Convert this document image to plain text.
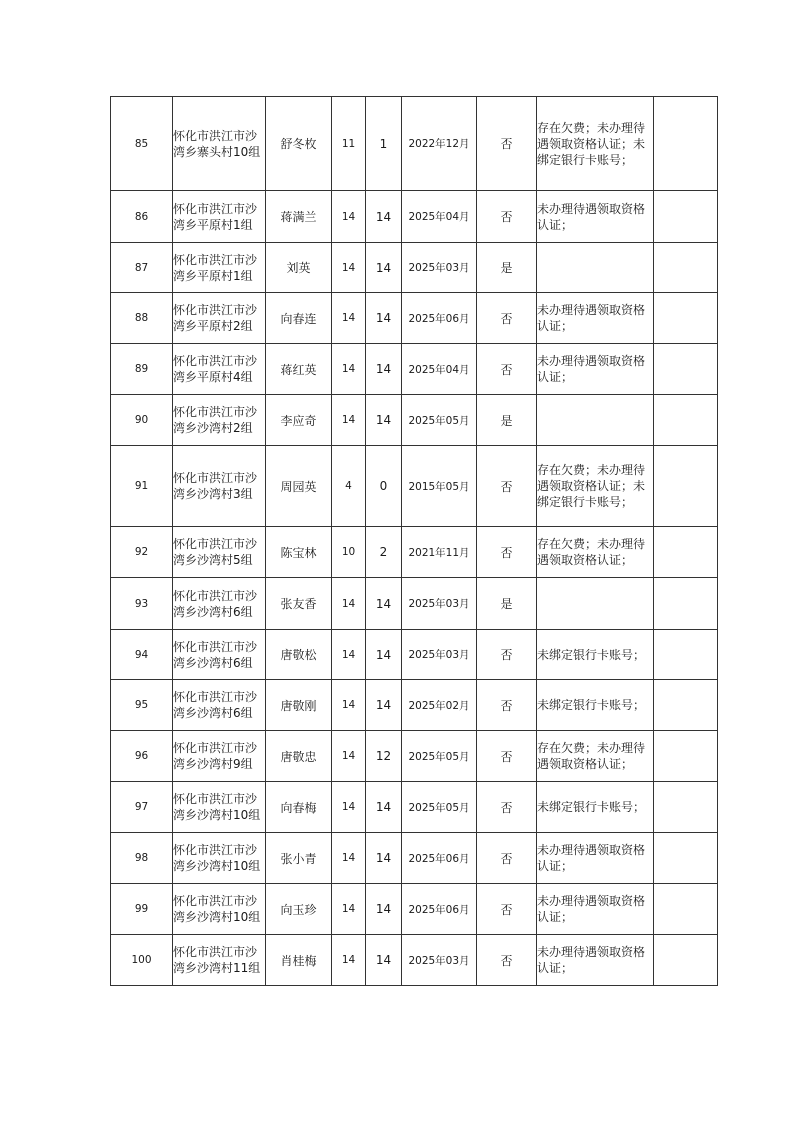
85	怀化市洪江市沙湾乡寨头村10组	舒冬枚	11	1	2022年12月	否	存在欠费；未办理待遇领取资格认证；未绑定银行卡账号；	

86	怀化市洪江市沙湾乡平原村1组	蒋满兰	14	14	2025年04月	否	未办理待遇领取资格认证；	

87	怀化市洪江市沙湾乡平原村1组	刘英	14	14	2025年03月	是	

88	怀化市洪江市沙湾乡平原村2组	向春连	14	14	2025年06月	否	未办理待遇领取资格认证；	

89	怀化市洪江市沙湾乡平原村4组	蒋红英	14	14	2025年04月	否	未办理待遇领取资格认证；	

90	怀化市洪江市沙湾乡沙湾村2组	李应奇	14	14	2025年05月	是	

91	怀化市洪江市沙湾乡沙湾村3组	周园英	4	0	2015年05月	否	存在欠费；未办理待遇领取资格认证；未绑定银行卡账号；	

92	怀化市洪江市沙湾乡沙湾村5组	陈宝林	10	2	2021年11月	否	存在欠费；未办理待遇领取资格认证；	

93	怀化市洪江市沙湾乡沙湾村6组	张友香	14	14	2025年03月	是	

94	怀化市洪江市沙湾乡沙湾村6组	唐敬松	14	14	2025年03月	否	未绑定银行卡账号；	

95	怀化市洪江市沙湾乡沙湾村6组	唐敬刚	14	14	2025年02月	否	未绑定银行卡账号；	

96	怀化市洪江市沙湾乡沙湾村9组	唐敬忠	14	12	2025年05月	否	存在欠费；未办理待遇领取资格认证；	

97	怀化市洪江市沙湾乡沙湾村10组	向春梅	14	14	2025年05月	否	未绑定银行卡账号；	

98	怀化市洪江市沙湾乡沙湾村10组	张小青	14	14	2025年06月	否	未办理待遇领取资格认证；	

99	怀化市洪江市沙湾乡沙湾村10组	向玉珍	14	14	2025年06月	否	未办理待遇领取资格认证；	

100	怀化市洪江市沙湾乡沙湾村11组	肖桂梅	14	14	2025年03月	否	未办理待遇领取资格认证；	
